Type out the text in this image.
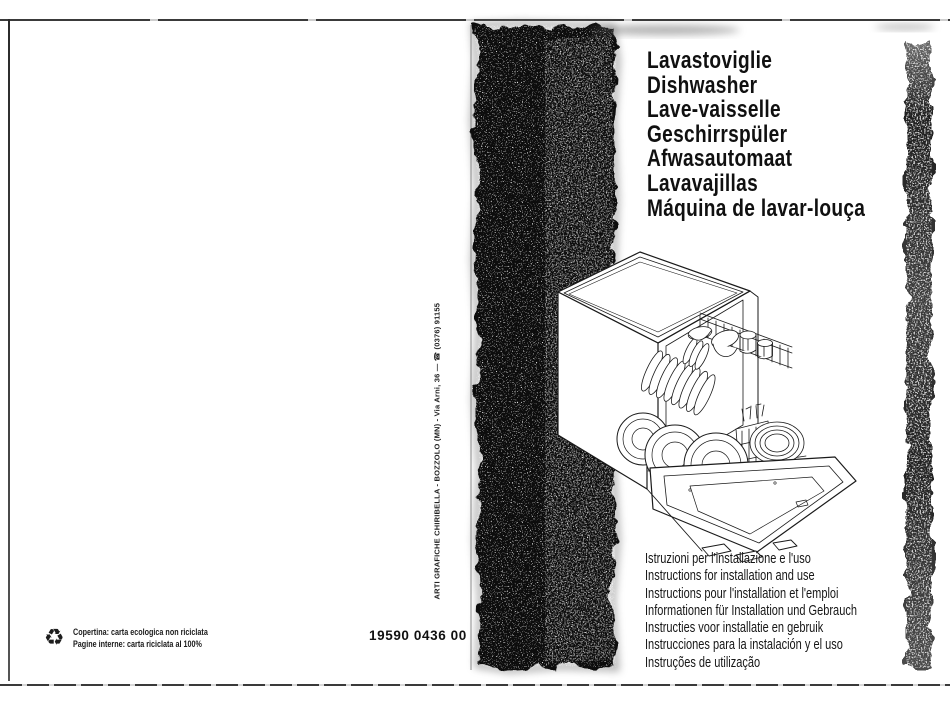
Lavastoviglie
Dishwasher
Lave-vaisselle
Geschirrspüler
Afwasautomaat
Lavavajillas
Máquina de lavar-louça
Istruzioni per l'installazione e l'uso
Instructions for installation and use
Instructions pour l'installation et l'emploi
Informationen für Installation und Gebrauch
Instructies voor installatie en gebruik
Instrucciones para la instalación y el uso
Instruções de utilização
ARTI GRAFICHE CHIRIBELLA - BOZZOLO (MN) - Via Arni, 36 — ☎ (0376) 91155
19590 0436 00
♻ Copertina: carta ecologica non riciclata
Pagine interne: carta riciclata al 100%
